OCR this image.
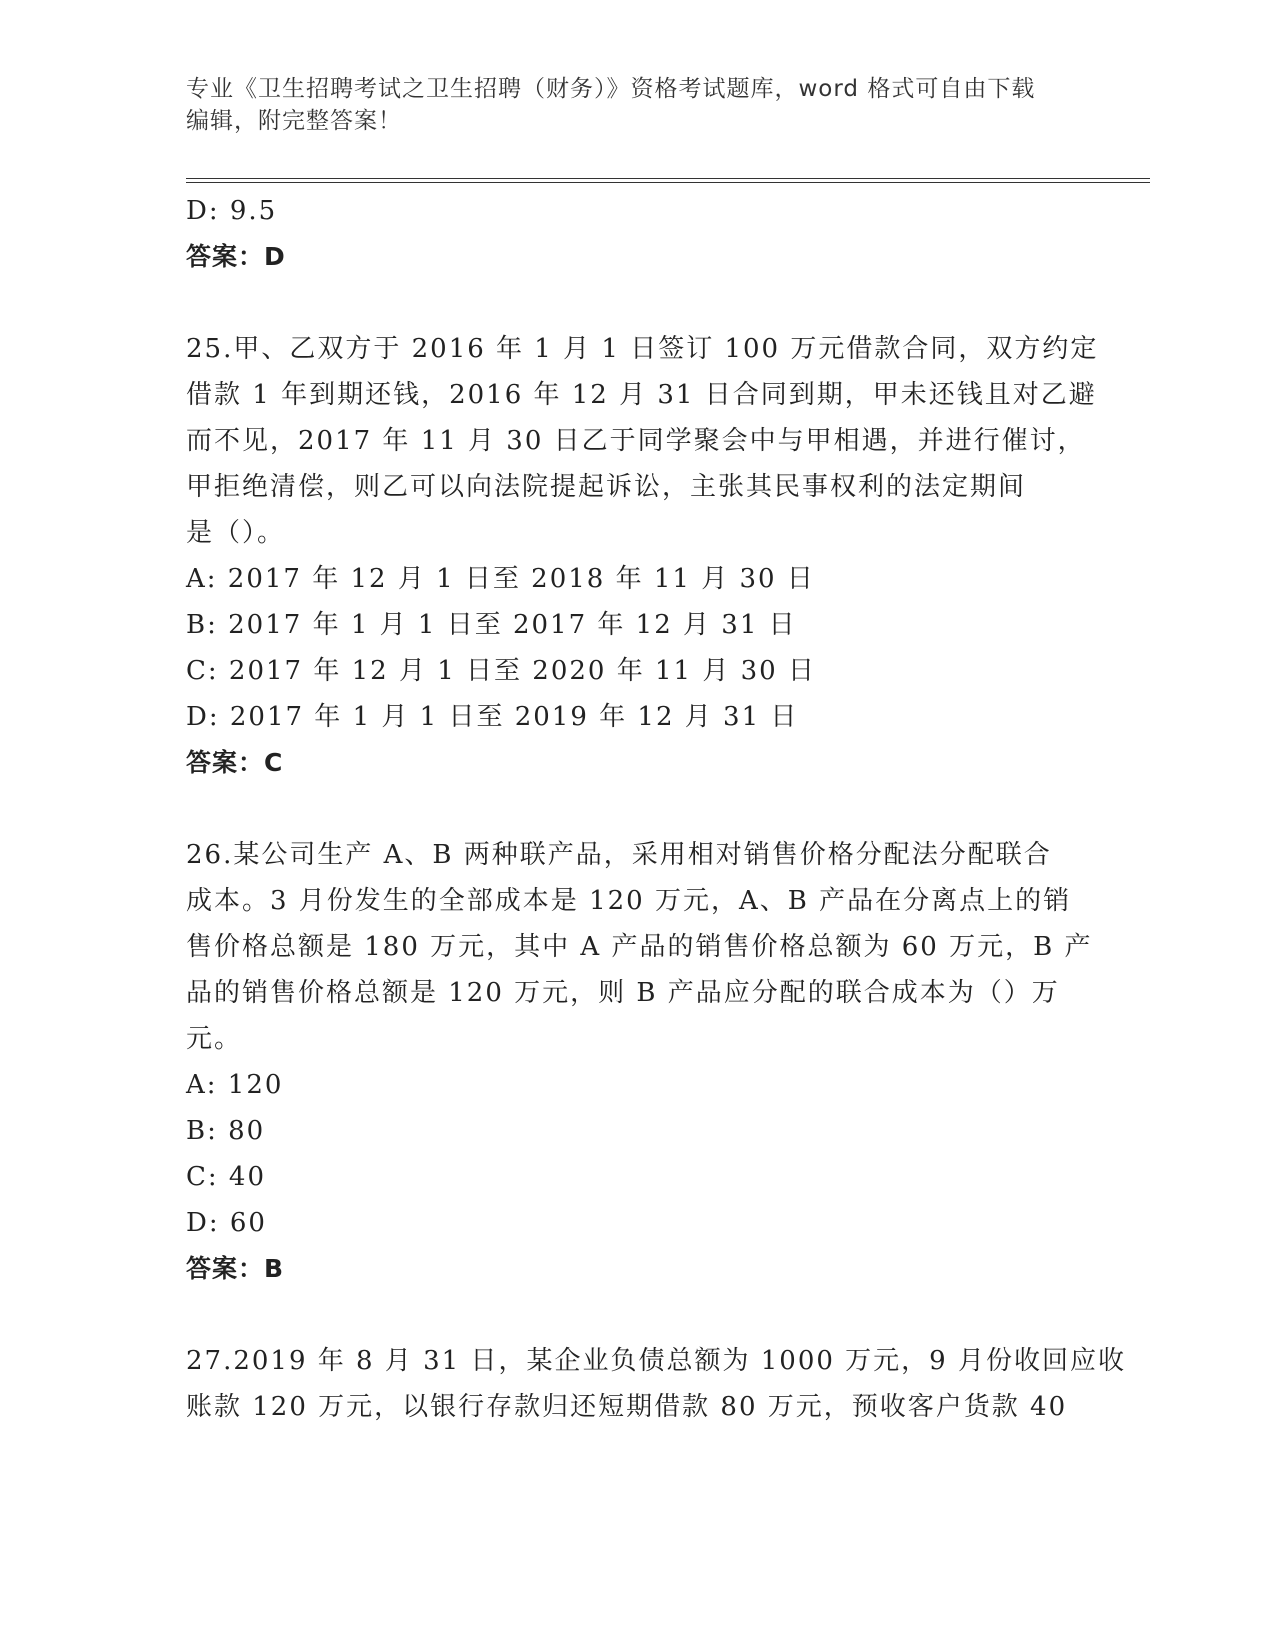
专业《卫生招聘考试之卫生招聘（财务）》资格考试题库，word 格式可自由下载
编辑，附完整答案！
D: 9.5
答案：D
25.甲、乙双方于 2016 年 1 月 1 日签订 100 万元借款合同，双方约定
借款 1 年到期还钱，2016 年 12 月 31 日合同到期，甲未还钱且对乙避
而不见，2017 年 11 月 30 日乙于同学聚会中与甲相遇，并进行催讨，
甲拒绝清偿，则乙可以向法院提起诉讼，主张其民事权利的法定期间
是（）。
A: 2017 年 12 月 1 日至 2018 年 11 月 30 日
B: 2017 年 1 月 1 日至 2017 年 12 月 31 日
C: 2017 年 12 月 1 日至 2020 年 11 月 30 日
D: 2017 年 1 月 1 日至 2019 年 12 月 31 日
答案：C
26.某公司生产 A、B 两种联产品，采用相对销售价格分配法分配联合
成本。3 月份发生的全部成本是 120 万元，A、B 产品在分离点上的销
售价格总额是 180 万元，其中 A 产品的销售价格总额为 60 万元，B 产
品的销售价格总额是 120 万元，则 B 产品应分配的联合成本为（）万
元。
A: 120
B: 80
C: 40
D: 60
答案：B
27.2019 年 8 月 31 日，某企业负债总额为 1000 万元，9 月份收回应收
账款 120 万元，以银行存款归还短期借款 80 万元，预收客户货款 40
